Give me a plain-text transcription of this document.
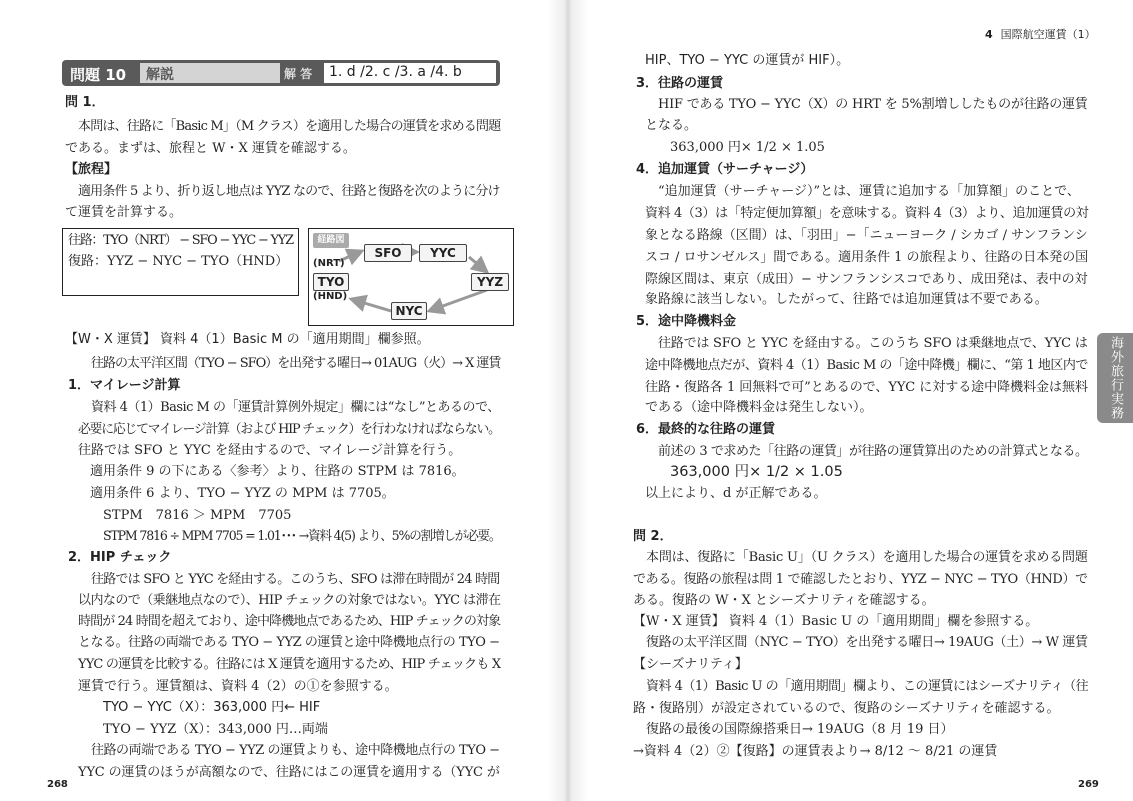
問題 10 解説	解 答 1. d /2. c /3. a /4. b
問 1．
本問は、往路に「Basic M」（M クラス）を適用した場合の運賃を求める問題
である。まずは、旅程と W・X 運賃を確認する。
【旅程】
適用条件 5 より、折り返し地点は YYZ なので、往路と復路を次のように分け
て運賃を計算する。
【W・X 運賃】 資料 4（1）Basic M の「適用期間」欄参照。
往路の太平洋区間（TYO − SFO）を出発する曜日→ 01AUG（火）→ X 運賃
1．マイレージ計算
資料 4（1）Basic M の「運賃計算例外規定」欄には“なし”とあるので、
必要に応じてマイレージ計算（および HIP チェック）を行わなければならない。
往路では SFO と YYC を経由するので、マイレージ計算を行う。
適用条件 9 の下にある〈参考〉より、往路の STPM は 7816。
適用条件 6 より、TYO − YYZ の MPM は 7705。
STPM　7816 ＞ MPM　7705
STPM 7816 ÷ MPM 7705 = 1.01･･･ →資料 4(5) より、5%の割増しが必要。
2．HIP チェック
往路では SFO と YYC を経由する。このうち、SFO は滞在時間が 24 時間
以内なので（乗継地点なので）、HIP チェックの対象ではない。YYC は滞在
時間が 24 時間を超えており、途中降機地点であるため、HIP チェックの対象
となる。往路の両端である TYO − YYZ の運賃と途中降機地点行の TYO −
YYC の運賃を比較する。往路には X 運賃を適用するため、HIP チェックも X
運賃で行う。運賃額は、資料 4（2）の①を参照する。
TYO − YYC（X）：363,000 円← HIF
TYO − YYZ（X）：343,000 円…両端
往路の両端である TYO − YYZ の運賃よりも、途中降機地点行の TYO −
YYC の運賃のほうが高額なので、往路にはこの運賃を適用する（YYC が
往路：TYO（NRT） − SFO − YYC − YYZ
復路：YYZ − NYC − TYO（HND）
経路図
SFO	YYC
TYO	YYZ
NYC
(NRT)
(HND)
268
4 国際航空運賃（1）
HIP、TYO − YYC の運賃が HIF）。
3．往路の運賃
HIF である TYO − YYC（X）の HRT を 5%割増ししたものが往路の運賃
となる。
363,000 円× 1/2 × 1.05
4．追加運賃（サーチャージ）
“追加運賃（サーチャージ）”とは、運賃に追加する「加算額」のことで、
資料 4（3）は「特定便加算額」を意味する。資料 4（3）より、追加運賃の対
象となる路線（区間）は、「羽田」−「ニューヨーク / シカゴ / サンフランシ
スコ / ロサンゼルス」間である。適用条件 1 の旅程より、往路の日本発の国
際線区間は、東京（成田）− サンフランシスコであり、成田発は、表中の対
象路線に該当しない。したがって、往路では追加運賃は不要である。
5．途中降機料金
往路では SFO と YYC を経由する。このうち SFO は乗継地点で、YYC は
途中降機地点だが、資料 4（1）Basic M の「途中降機」欄に、“第 1 地区内で
往路・復路各 1 回無料で可”とあるので、YYC に対する途中降機料金は無料
である（途中降機料金は発生しない）。
6．最終的な往路の運賃
前述の 3 で求めた「往路の運賃」が往路の運賃算出のための計算式となる。
363,000 円× 1/2 × 1.05
以上により、d が正解である。
問 2．
本問は、復路に「Basic U」（U クラス）を適用した場合の運賃を求める問題
である。復路の旅程は問 1 で確認したとおり、YYZ − NYC − TYO（HND）で
ある。復路の W・X とシーズナリティを確認する。
【W・X 運賃】 資料 4（1）Basic U の「適用期間」欄を参照する。
復路の太平洋区間（NYC − TYO）を出発する曜日→ 19AUG（土）→ W 運賃
【シーズナリティ】
資料 4（1）Basic U の「適用期間」欄より、この運賃にはシーズナリティ（往
路・復路別）が設定されているので、復路のシーズナリティを確認する。
復路の最後の国際線搭乗日→ 19AUG（8 月 19 日）
→資料 4（2）②【復路】の運賃表より→ 8/12 〜 8/21 の運賃
海外旅行実務
269
